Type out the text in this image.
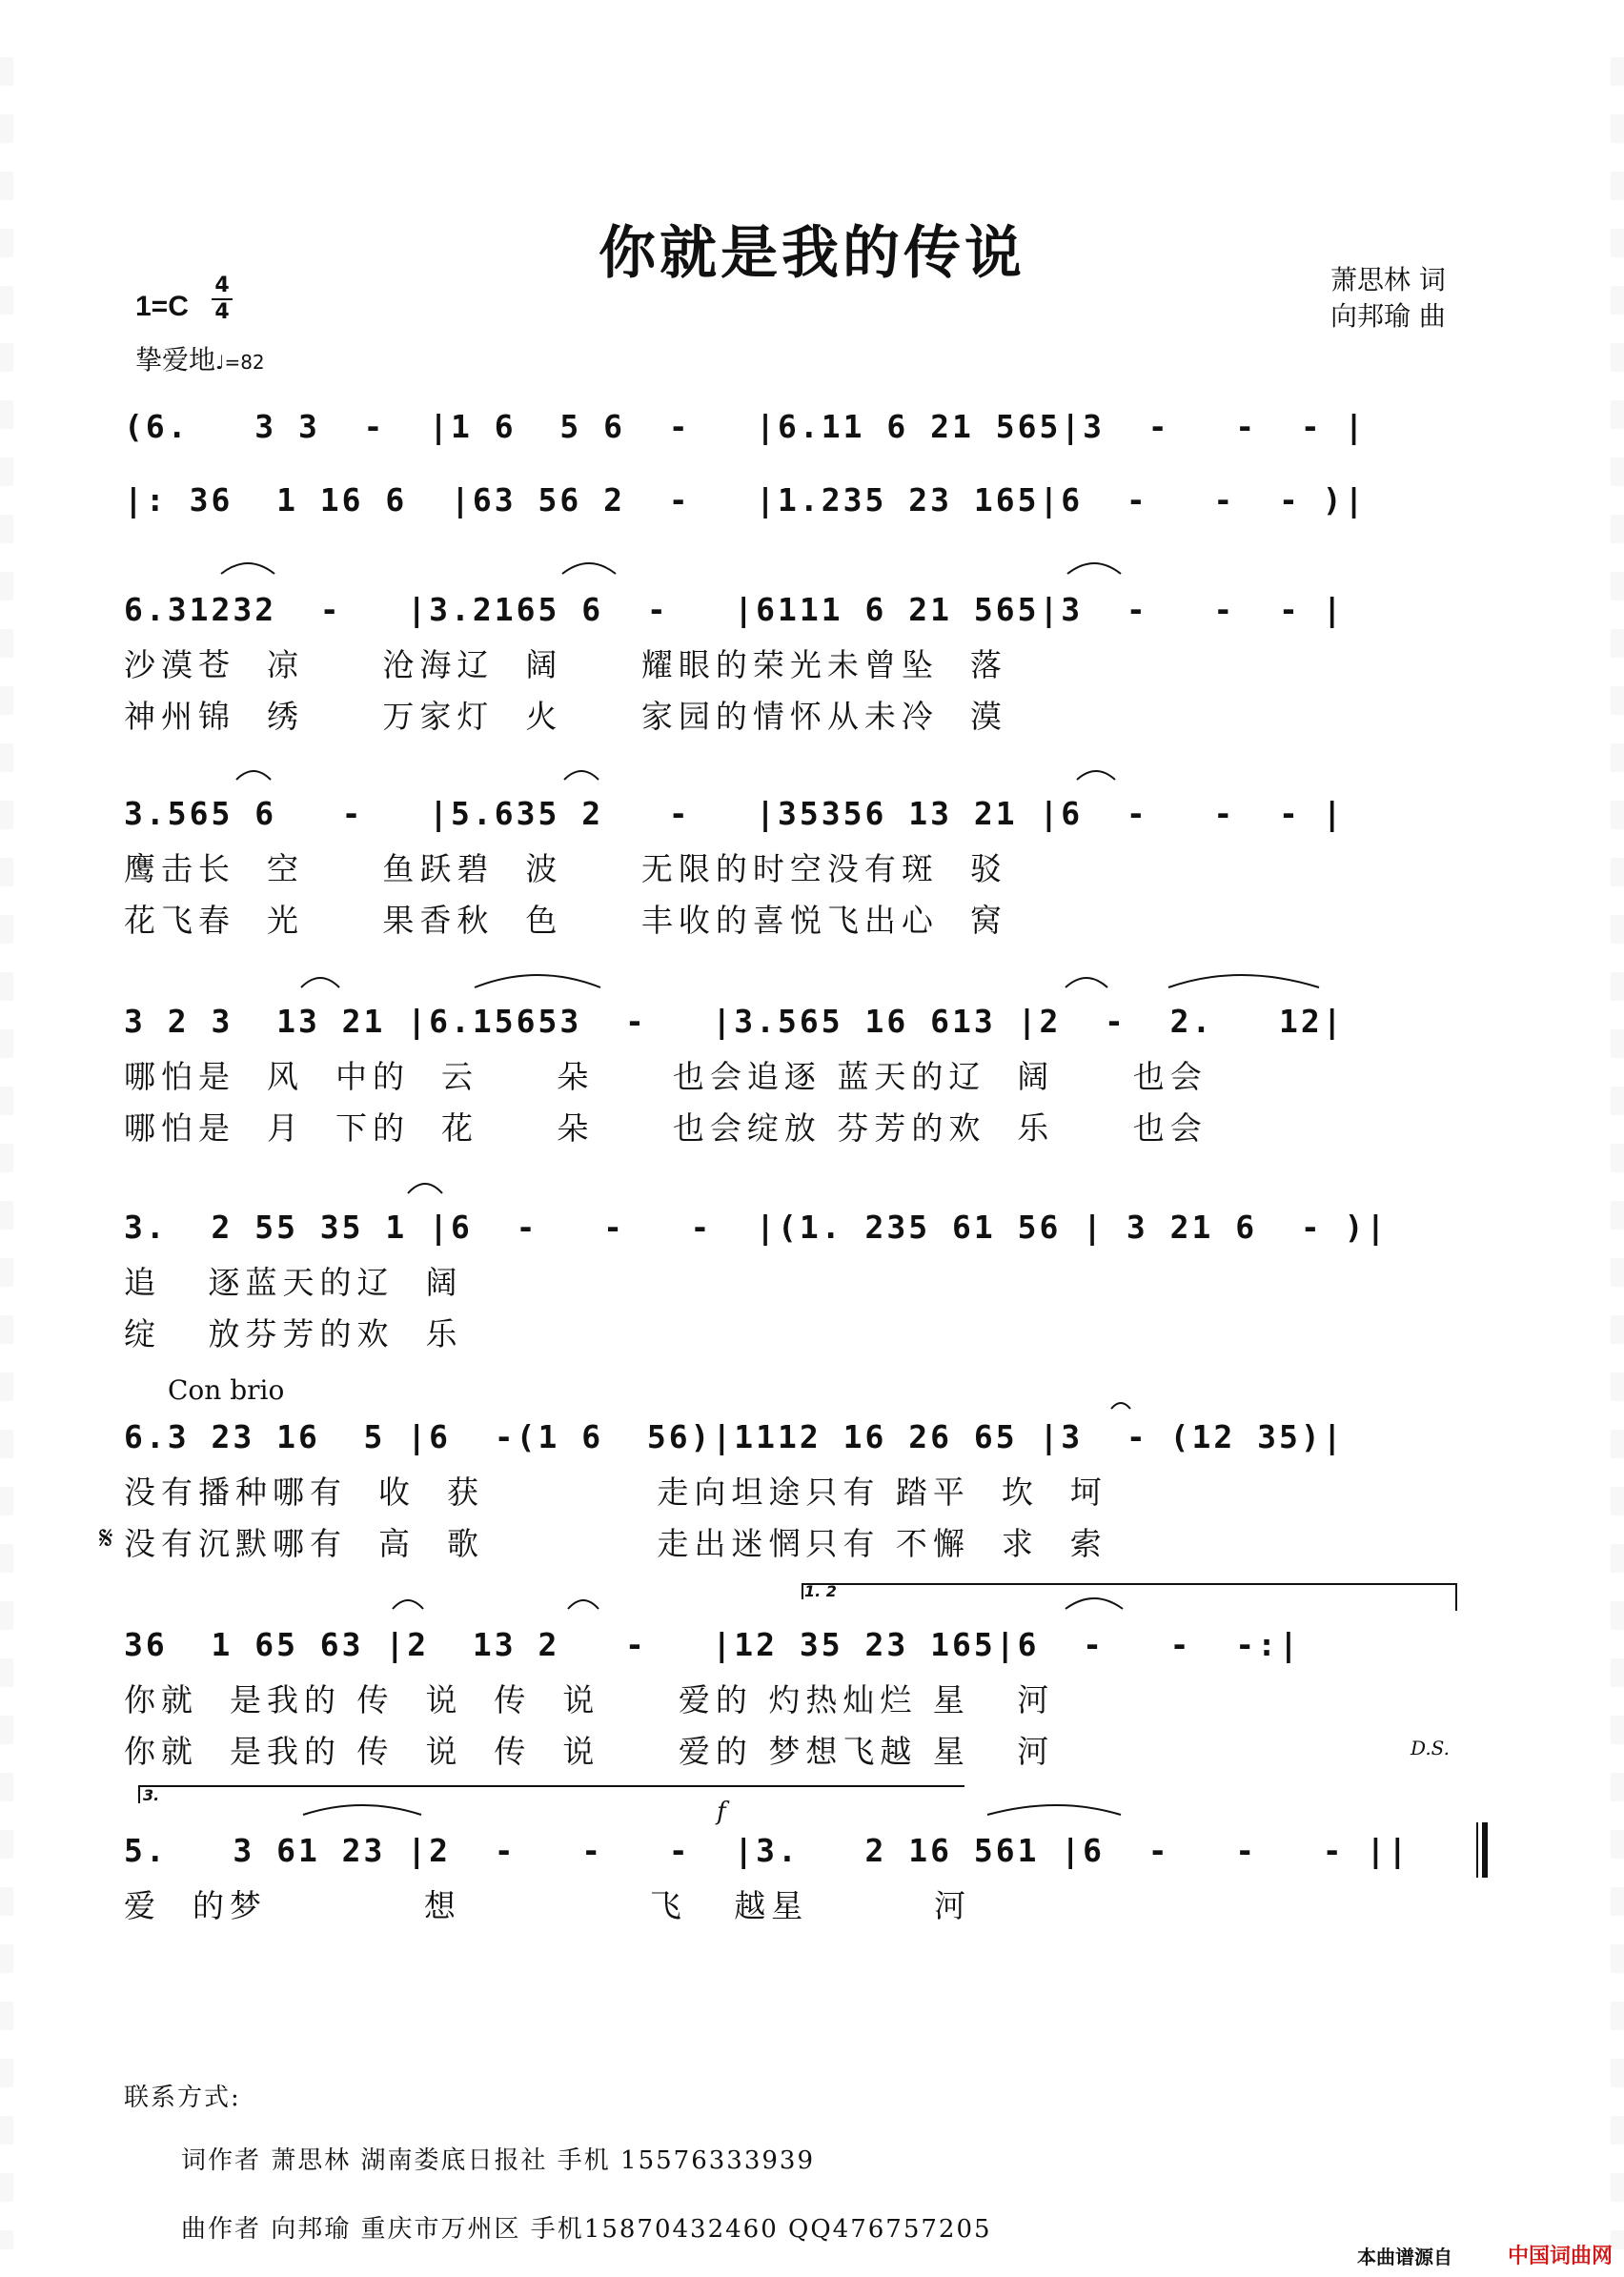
你就是我的传说	萧思林 词
向邦瑜 曲
1=C
4
4
挚爱地♩=82
(6.   3 3  -  |1 6  5 6  -   |6.11 6 21 565|3  -   -  - |
|: 36  1 16 6  |63 56 2  -   |1.235 23 165|6  -   -  - )|
6.31232  -   |3.2165 6  -   |6111 6 21 565|3  -   -  - |
沙漠苍  凉     沧海辽  阔     耀眼的荣光未曾坠  落
神州锦  绣     万家灯  火     家园的情怀从未冷  漠
3.565 6   -   |5.635 2   -   |35356 13 21 |6  -   -  - |
鹰击长  空     鱼跃碧  波     无限的时空没有斑  驳
花飞春  光     果香秋  色     丰收的喜悦飞出心  窝
3 2 3  13 21 |6.15653  -   |3.565 16 613 |2  -  2.   12|
哪怕是  风  中的  云     朵     也会追逐 蓝天的辽  阔     也会
哪怕是  月  下的  花     朵     也会绽放 芬芳的欢  乐     也会
3.  2 55 35 1 |6  -   -   -  |(1. 235 61 56 | 3 21 6  - )|
追   逐蓝天的辽  阔
绽   放芬芳的欢  乐
Con brio
6.3 23 16  5 |6  -(1 6  56)|1112 16 26 65 |3  - (12 35)|
没有播种哪有  收  获           走向坦途只有 踏平  坎  坷
没有沉默哪有  高  歌           走出迷惘只有 不懈  求  索
𝄋
36  1 65 63 |2  13 2   -   |12 35 23 165|6  -   -  -:|
你就  是我的 传  说  传  说     爱的 灼热灿烂 星   河
你就  是我的 传  说  传  说     爱的 梦想飞越 星   河
1. 2
D.S.
3.
f
5.   3 61 23 |2  -   -   -  |3.   2 16 561 |6  -   -   - ||
爱  的梦          想            飞   越星        河
联系方式:
词作者 萧思林 湖南娄底日报社 手机 15576333939
曲作者 向邦瑜 重庆市万州区 手机15870432460 QQ476757205
本曲谱源自	中国词曲网
